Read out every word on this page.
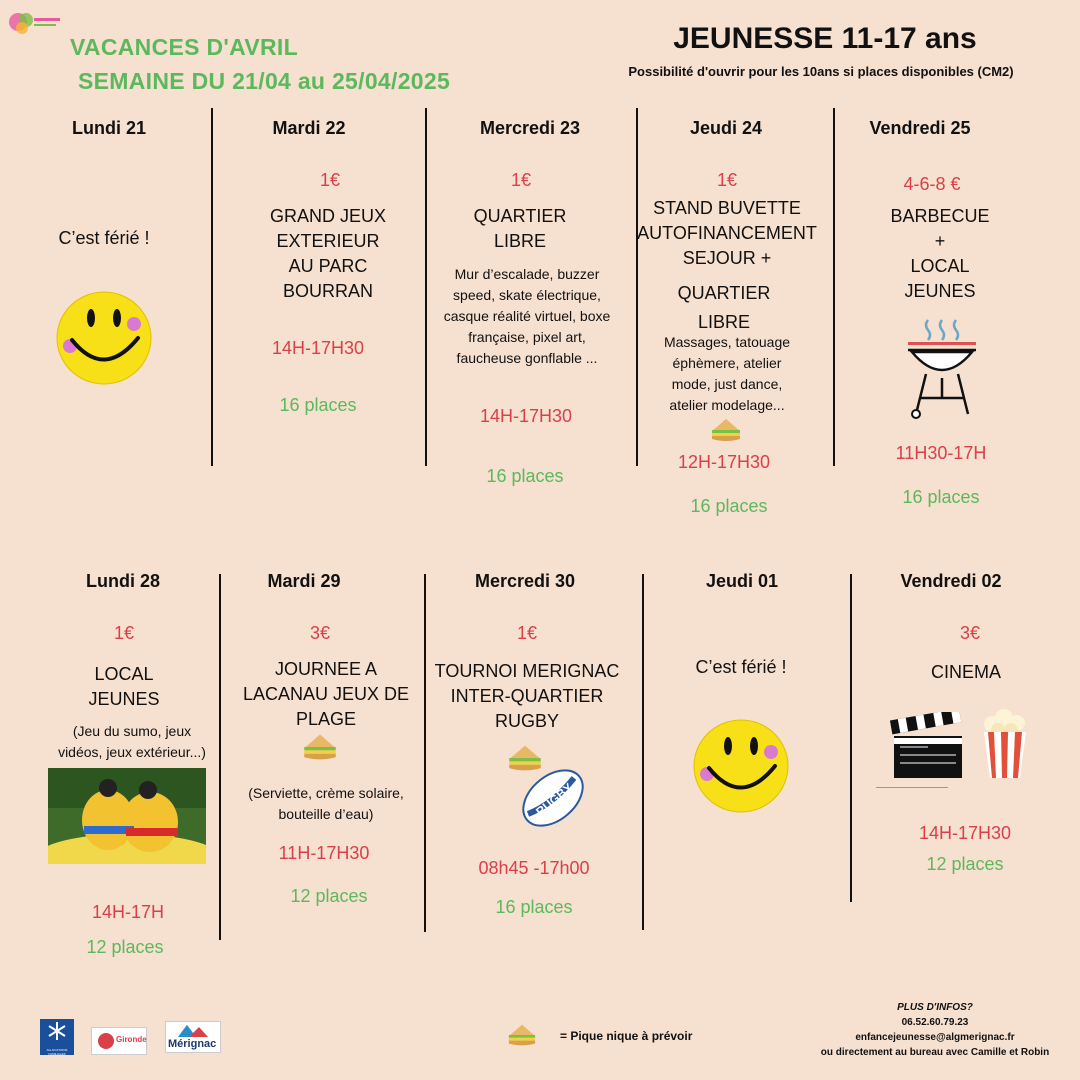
VACANCES D'AVRIL
SEMAINE DU 21/04 au 25/04/2025
JEUNESSE 11-17 ans
Possibilité d'ouvrir pour les 10ans si places disponibles (CM2)
Lundi 21
C’est férié !
Mardi 22
1€
GRAND JEUX
EXTERIEUR
AU PARC
BOURRAN
14H-17H30
16 places
Mercredi 23
1€
QUARTIER
LIBRE
Mur d’escalade, buzzer
speed, skate électrique,
casque réalité virtuel, boxe
française, pixel art,
faucheuse gonflable ...
14H-17H30
16 places
Jeudi 24
1€
STAND BUVETTE
AUTOFINANCEMENT
SEJOUR +
QUARTIER
LIBRE
Massages, tatouage
éphèmere, atelier
mode, just dance,
atelier modelage...
12H-17H30
16 places
Vendredi 25
4-6-8 €
BARBECUE
+
LOCAL
JEUNES
11H30-17H
16 places
Lundi 28
1€
LOCAL
JEUNES
(Jeu du sumo, jeux
vidéos, jeux extérieur...)
14H-17H
12 places
Mardi 29
3€
JOURNEE A
LACANAU JEUX DE
PLAGE
(Serviette, crème solaire,
bouteille d’eau)
11H-17H30
12 places
Mercredi 30
1€
TOURNOI MERIGNAC
INTER-QUARTIER
RUGBY
RUGBY
08h45 -17h00
16 places
Jeudi 01
C’est férié !
Vendredi 02
3€
CINEMA
14H-17H30
12 places
ALLOCATIONS FAMILIALES
Gironde Mérignac
= Pique nique à prévoir
PLUS D'INFOS?
06.52.60.79.23
enfancejeunesse@algmerignac.fr
ou directement au bureau avec Camille et Robin
